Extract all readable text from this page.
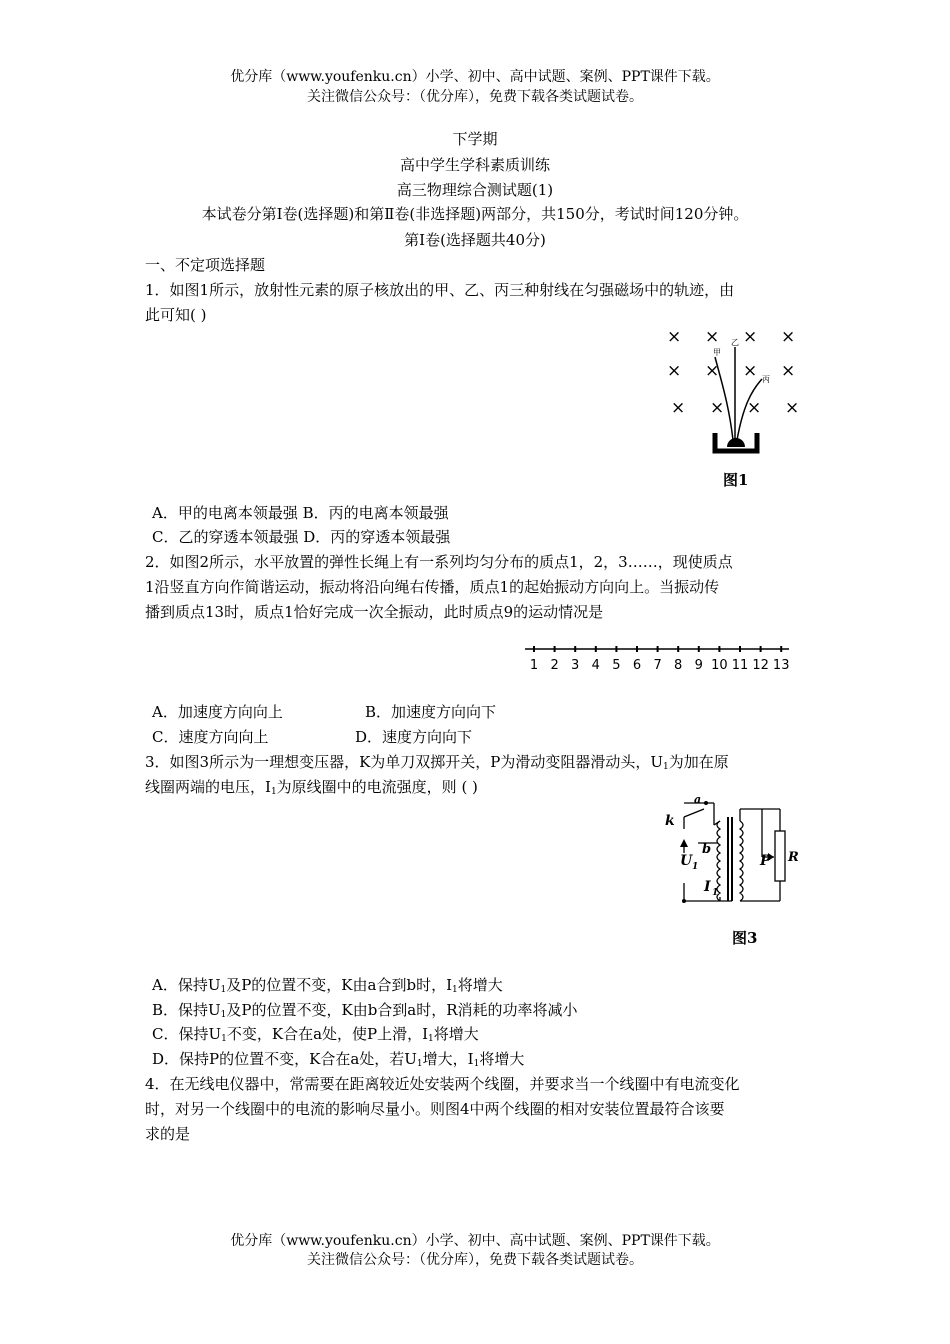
优分库（www.youfenku.cn）小学、初中、高中试题、案例、PPT课件下载。
关注微信公众号：（优分库），免费下载各类试题试卷。
下学期
高中学生学科素质训练
高三物理综合测试题(1)
本试卷分第Ⅰ卷(选择题)和第Ⅱ卷(非选择题)两部分，共150分，考试时间120分钟。
第Ⅰ卷(选择题共40分)
一、不定项选择题
1．如图1所示，放射性元素的原子核放出的甲、乙、丙三种射线在匀强磁场中的轨迹，由
此可知( )
× × × ×
× × × ×
× × × ×
甲
乙
丙
图1
A．甲的电离本领最强 B．丙的电离本领最强
C．乙的穿透本领最强 D．丙的穿透本领最强
2．如图2所示，水平放置的弹性长绳上有一系列均匀分布的质点1，2，3……，现使质点
1沿竖直方向作简谐运动，振动将沿向绳右传播，质点1的起始振动方向向上。当振动传
播到质点13时，质点1恰好完成一次全振动，此时质点9的运动情况是
1 2 3 4 5 6 7 8 9 10 11 12 13
A．加速度方向向上	B．加速度方向向下
C．速度方向向上	D．速度方向向下
3．如图3所示为一理想变压器，K为单刀双掷开关，P为滑动变阻器滑动头，$U_1$为加在原
线圈两端的电压，$I_1$为原线圈中的电流强度，则 ( )
a
b
k
U 1
I 1
P R
图3
A．保持$U_1$及P的位置不变，K由a合到b时，$I_1$将增大
B．保持$U_1$及P的位置不变，K由b合到a时，R消耗的功率将减小
C．保持$U_1$不变，K合在a处，使P上滑，$I_1$将增大
D．保持P的位置不变，K合在a处，若$U_1$增大，$I_1$将增大
4．在无线电仪器中，常需要在距离较近处安装两个线圈，并要求当一个线圈中有电流变化
时，对另一个线圈中的电流的影响尽量小。则图4中两个线圈的相对安装位置最符合该要
求的是
优分库（www.youfenku.cn）小学、初中、高中试题、案例、PPT课件下载。
关注微信公众号：（优分库），免费下载各类试题试卷。
